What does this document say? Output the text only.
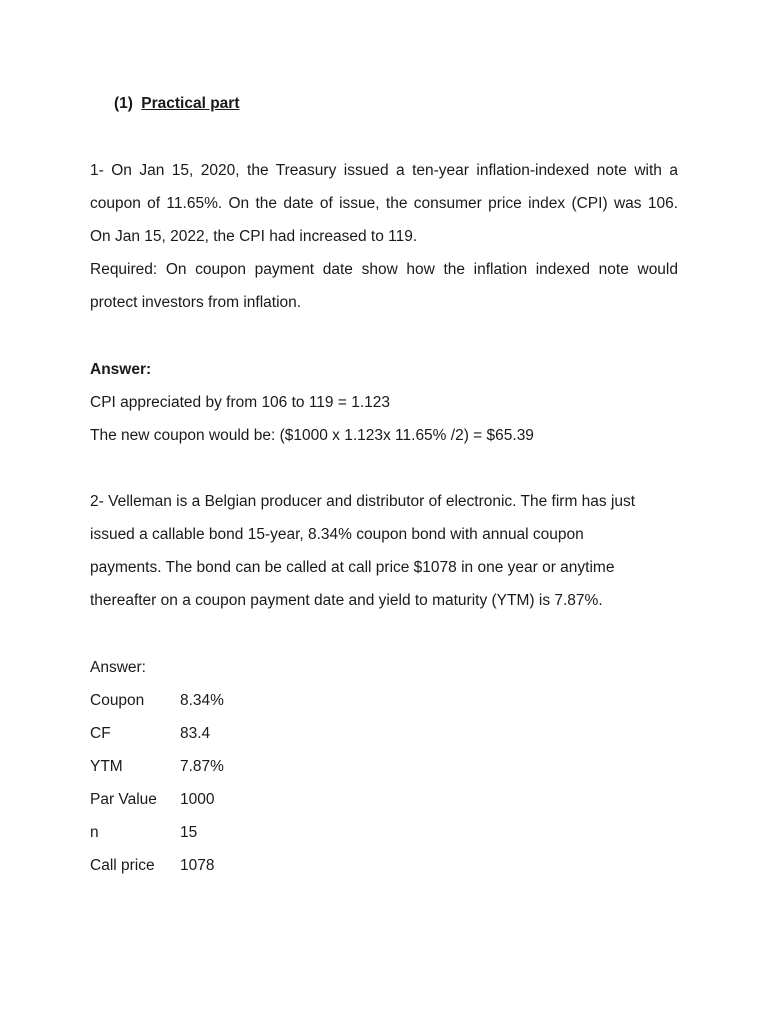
(1) Practical part
1- On Jan 15, 2020, the Treasury issued a ten-year inflation-indexed note with a
coupon of 11.65%. On the date of issue, the consumer price index (CPI) was 106.
On Jan 15, 2022, the CPI had increased to 119.
Required: On coupon payment date show how the inflation indexed note would
protect investors from inflation.
Answer:
CPI appreciated by from 106 to 119 = 1.123
The new coupon would be: ($1000 x 1.123x 11.65% /2) = $65.39
2- Velleman is a Belgian producer and distributor of electronic. The firm has just
issued a callable bond 15-year, 8.34% coupon bond with annual coupon
payments. The bond can be called at call price $1078 in one year or anytime
thereafter on a coupon payment date and yield to maturity (YTM) is 7.87%.
Answer:
Coupon 8.34%
CF	83.4
YTM	7.87%
Par Value 1000
n	15
Call price 1078
